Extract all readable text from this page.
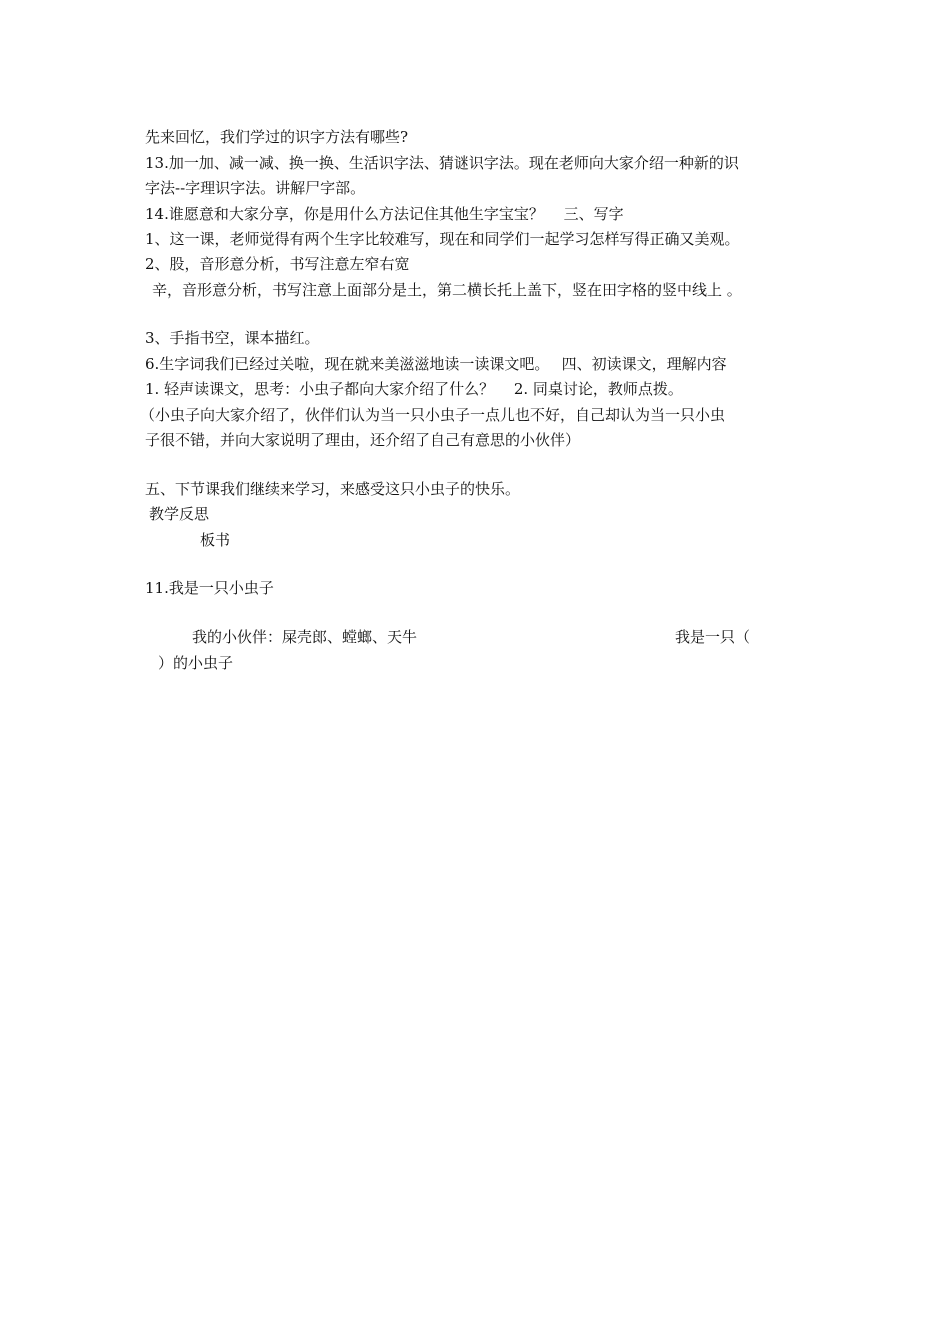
先来回忆，我们学过的识字方法有哪些?
13.加一加、减一减、换一换、生活识字法、猜谜识字法。现在老师向大家介绍一种新的识
字法--字理识字法。讲解尸字部。
14.谁愿意和大家分享，你是用什么方法记住其他生字宝宝？　 三、写字
1、这一课，老师觉得有两个生字比较难写，现在和同学们一起学习怎样写得正确又美观。
2、股，音形意分析，书写注意左窄右宽
辛，音形意分析，书写注意上面部分是土，第二横长托上盖下，竖在田字格的竖中线上 。
3、手指书空，课本描红。
6.生字词我们已经过关啦，现在就来美滋滋地读一读课文吧。　 四、初读课文，理解内容
1. 轻声读课文，思考：小虫子都向大家介绍了什么？　 2. 同桌讨论，教师点拨。
（小虫子向大家介绍了，伙伴们认为当一只小虫子一点儿也不好，自己却认为当一只小虫
子很不错，并向大家说明了理由，还介绍了自己有意思的小伙伴）
五、下节课我们继续来学习，来感受这只小虫子的快乐。
教学反思
板书
11.我是一只小虫子
我的小伙伴：屎壳郎、螳螂、天牛	我是一只（
）的小虫子
